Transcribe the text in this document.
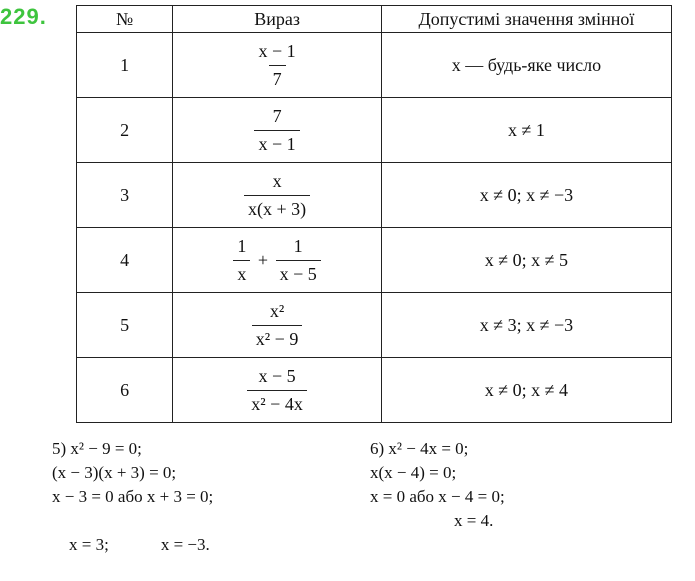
229.	№	Вираз	Допустимі значення змінної
1	$\frac{x - 1}{7}$	x — будь-яке число
2	$\frac{7}{x - 1}$	x ≠ 1
3	$\frac{x}{x(x + 3)}$	x ≠ 0; x ≠ −3
4	$\frac{1}{x} + \frac{1}{x - 5}$	x ≠ 0; x ≠ 5
5	$\frac{\text{x²}}{\text{x² − 9}}$	x ≠ 3; x ≠ −3
6	$\frac{x - 5}{\text{x² − 4x}}$	x ≠ 0; x ≠ 4
5) x² − 9 = 0;
(x − 3)(x + 3) = 0;
x − 3 = 0 або x + 3 = 0;

x = 3;	x = −3.

6) x² − 4x = 0;
x(x − 4) = 0;
x = 0 або x − 4 = 0;
x = 4.
